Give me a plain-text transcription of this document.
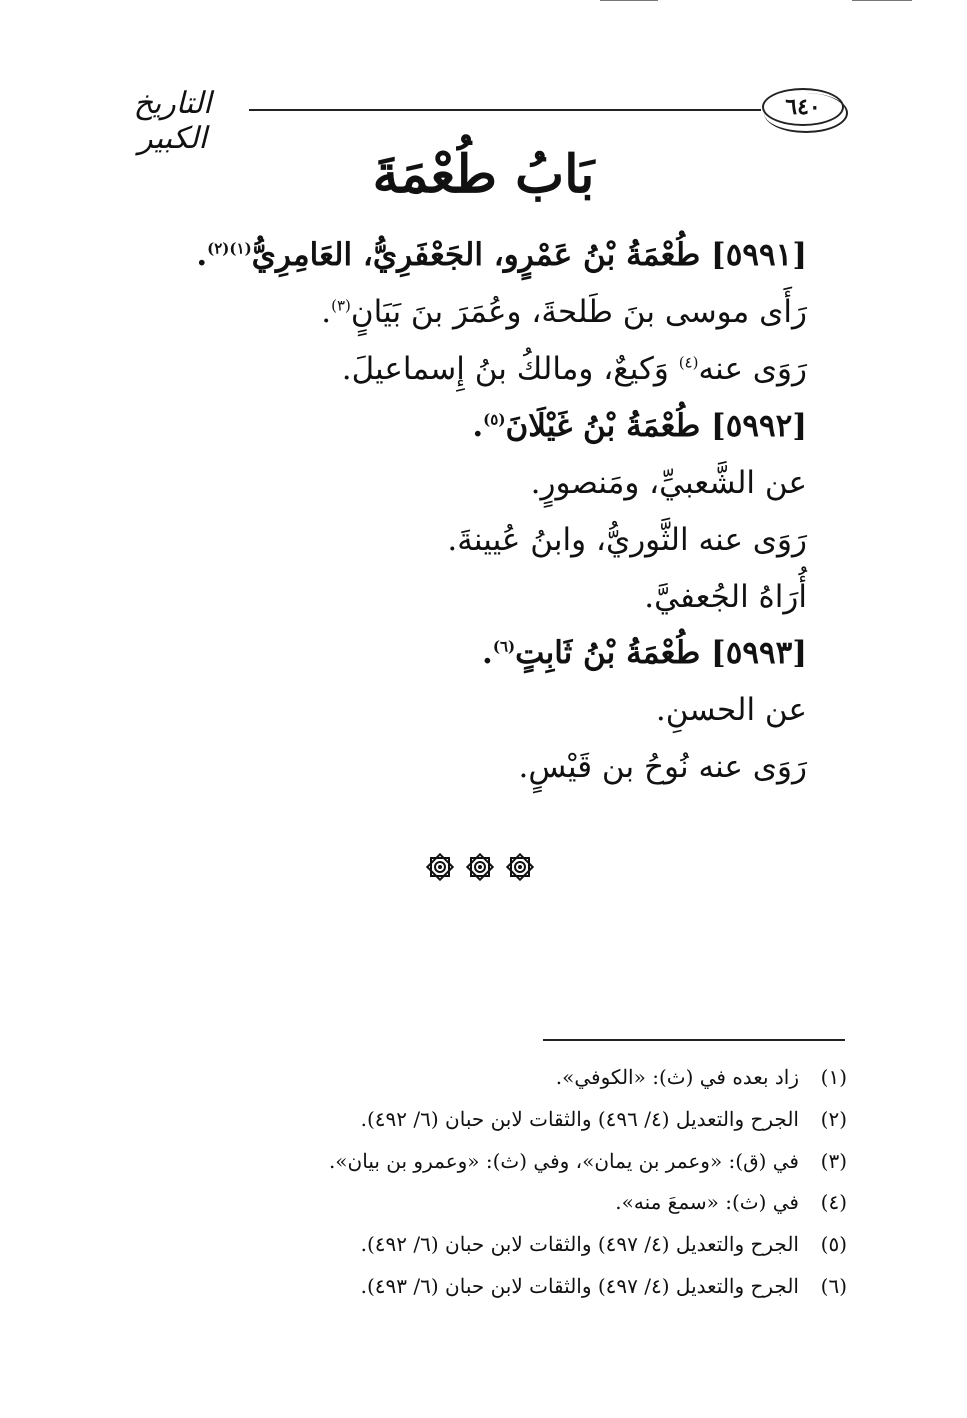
التاريخ الكبير
٦٤٠
بَابُ طُعْمَةَ
[٥٩٩١] طُعْمَةُ بْنُ عَمْرٍو، الجَعْفَرِيُّ، العَامِرِيُّ$^{(١)(٢)}$.
رَأَى موسى بنَ طَلحةَ، وعُمَرَ بنَ بَيَانٍ$^{(٣)}$.
رَوَى عنه$^{(٤)}$ وَكيعٌ، ومالكُ بنُ إِسماعيلَ.
[٥٩٩٢] طُعْمَةُ بْنُ غَيْلَانَ$^{(٥)}$.
عن الشَّعبيِّ، ومَنصورٍ.
رَوَى عنه الثَّوريُّ، وابنُ عُيينةَ.
أُرَاهُ الجُعفيَّ.
[٥٩٩٣] طُعْمَةُ بْنُ ثَابِتٍ$^{(٦)}$.
عن الحسنِ.
رَوَى عنه نُوحُ بن قَيْسٍ.
(١)زاد بعده في (ث): «الكوفي».
(٢)الجرح والتعديل (٤/ ٤٩٦) والثقات لابن حبان (٦/ ٤٩٢).
(٣)في (ق): «وعمر بن يمان»، وفي (ث): «وعمرو بن بيان».
(٤)في (ث): «سمعَ منه».
(٥)الجرح والتعديل (٤/ ٤٩٧) والثقات لابن حبان (٦/ ٤٩٢).
(٦)الجرح والتعديل (٤/ ٤٩٧) والثقات لابن حبان (٦/ ٤٩٣).
